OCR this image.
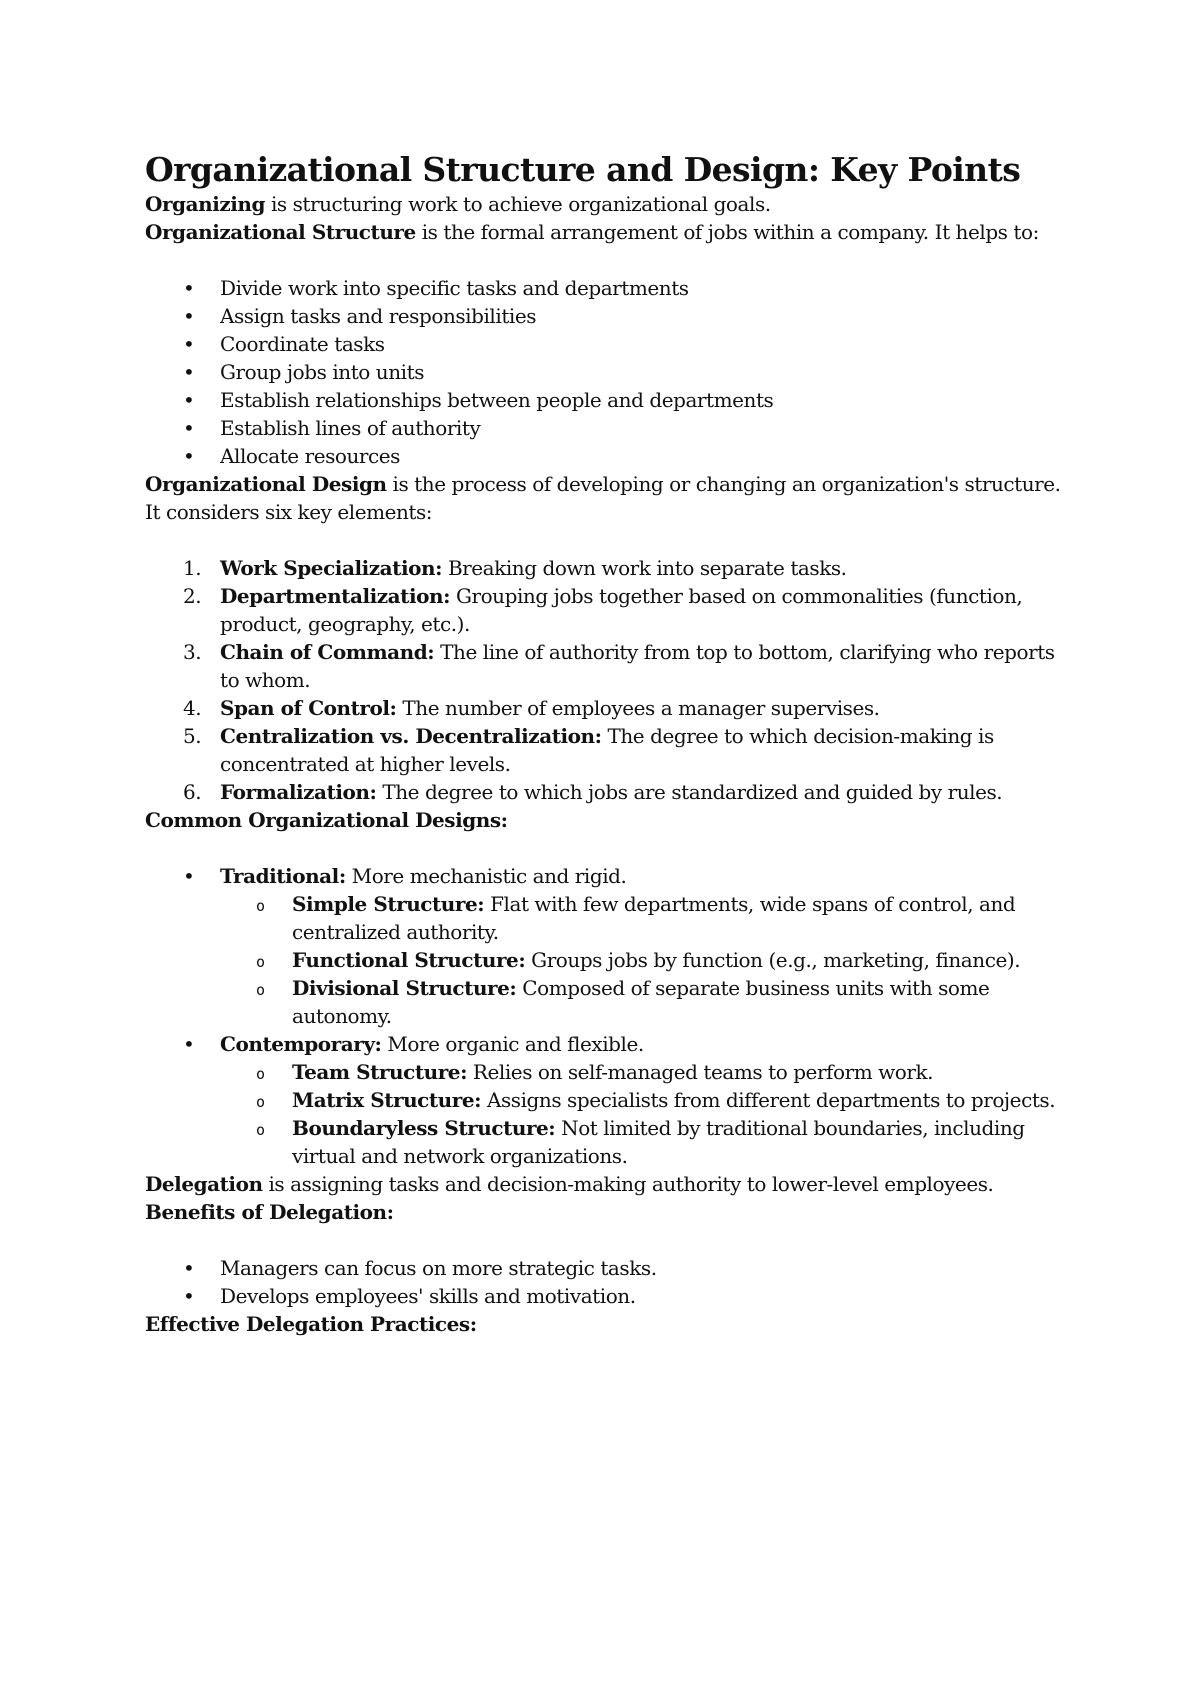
Organizational Structure and Design: Key Points

Organizing is structuring work to achieve organizational goals.

Organizational Structure is the formal arrangement of jobs within a company. It helps to:

• Divide work into specific tasks and departments
• Assign tasks and responsibilities
• Coordinate tasks
• Group jobs into units
• Establish relationships between people and departments
• Establish lines of authority
• Allocate resources

Organizational Design is the process of developing or changing an organization's structure. It considers six key elements:

1. Work Specialization: Breaking down work into separate tasks.
2. Departmentalization: Grouping jobs together based on commonalities (function, product, geography, etc.).
3. Chain of Command: The line of authority from top to bottom, clarifying who reports to whom.
4. Span of Control: The number of employees a manager supervises.
5. Centralization vs. Decentralization: The degree to which decision-making is concentrated at higher levels.
6. Formalization: The degree to which jobs are standardized and guided by rules.

Common Organizational Designs:

• Traditional: More mechanistic and rigid.
o Simple Structure: Flat with few departments, wide spans of control, and centralized authority.
o Functional Structure: Groups jobs by function (e.g., marketing, finance).
o Divisional Structure: Composed of separate business units with some autonomy.
• Contemporary: More organic and flexible.
o Team Structure: Relies on self-managed teams to perform work.
o Matrix Structure: Assigns specialists from different departments to projects.
o Boundaryless Structure: Not limited by traditional boundaries, including virtual and network organizations.

Delegation is assigning tasks and decision-making authority to lower-level employees.

Benefits of Delegation:

• Managers can focus on more strategic tasks.
• Develops employees' skills and motivation.

Effective Delegation Practices:
